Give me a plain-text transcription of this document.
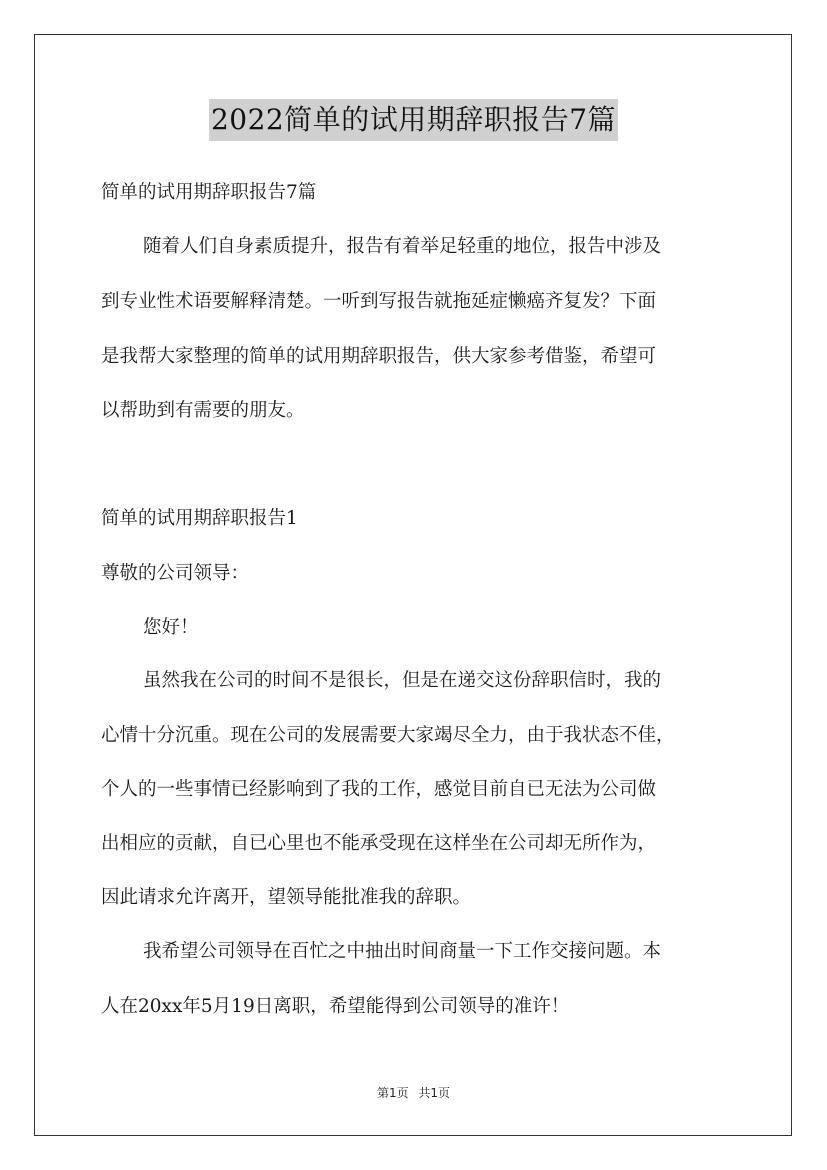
2022简单的试用期辞职报告7篇
简单的试用期辞职报告7篇
随着人们自身素质提升，报告有着举足轻重的地位，报告中涉及
到专业性术语要解释清楚。一听到写报告就拖延症懒癌齐复发？下面
是我帮大家整理的简单的试用期辞职报告，供大家参考借鉴，希望可
以帮助到有需要的朋友。
简单的试用期辞职报告1
尊敬的公司领导：
您好！
虽然我在公司的时间不是很长，但是在递交这份辞职信时，我的
心情十分沉重。现在公司的发展需要大家竭尽全力，由于我状态不佳，
个人的一些事情已经影响到了我的工作，感觉目前自已无法为公司做
出相应的贡献，自已心里也不能承受现在这样坐在公司却无所作为，
因此请求允许离开，望领导能批准我的辞职。
我希望公司领导在百忙之中抽出时间商量一下工作交接问题。本
人在20xx年5月19日离职，希望能得到公司领导的准许！
第1页 共1页
